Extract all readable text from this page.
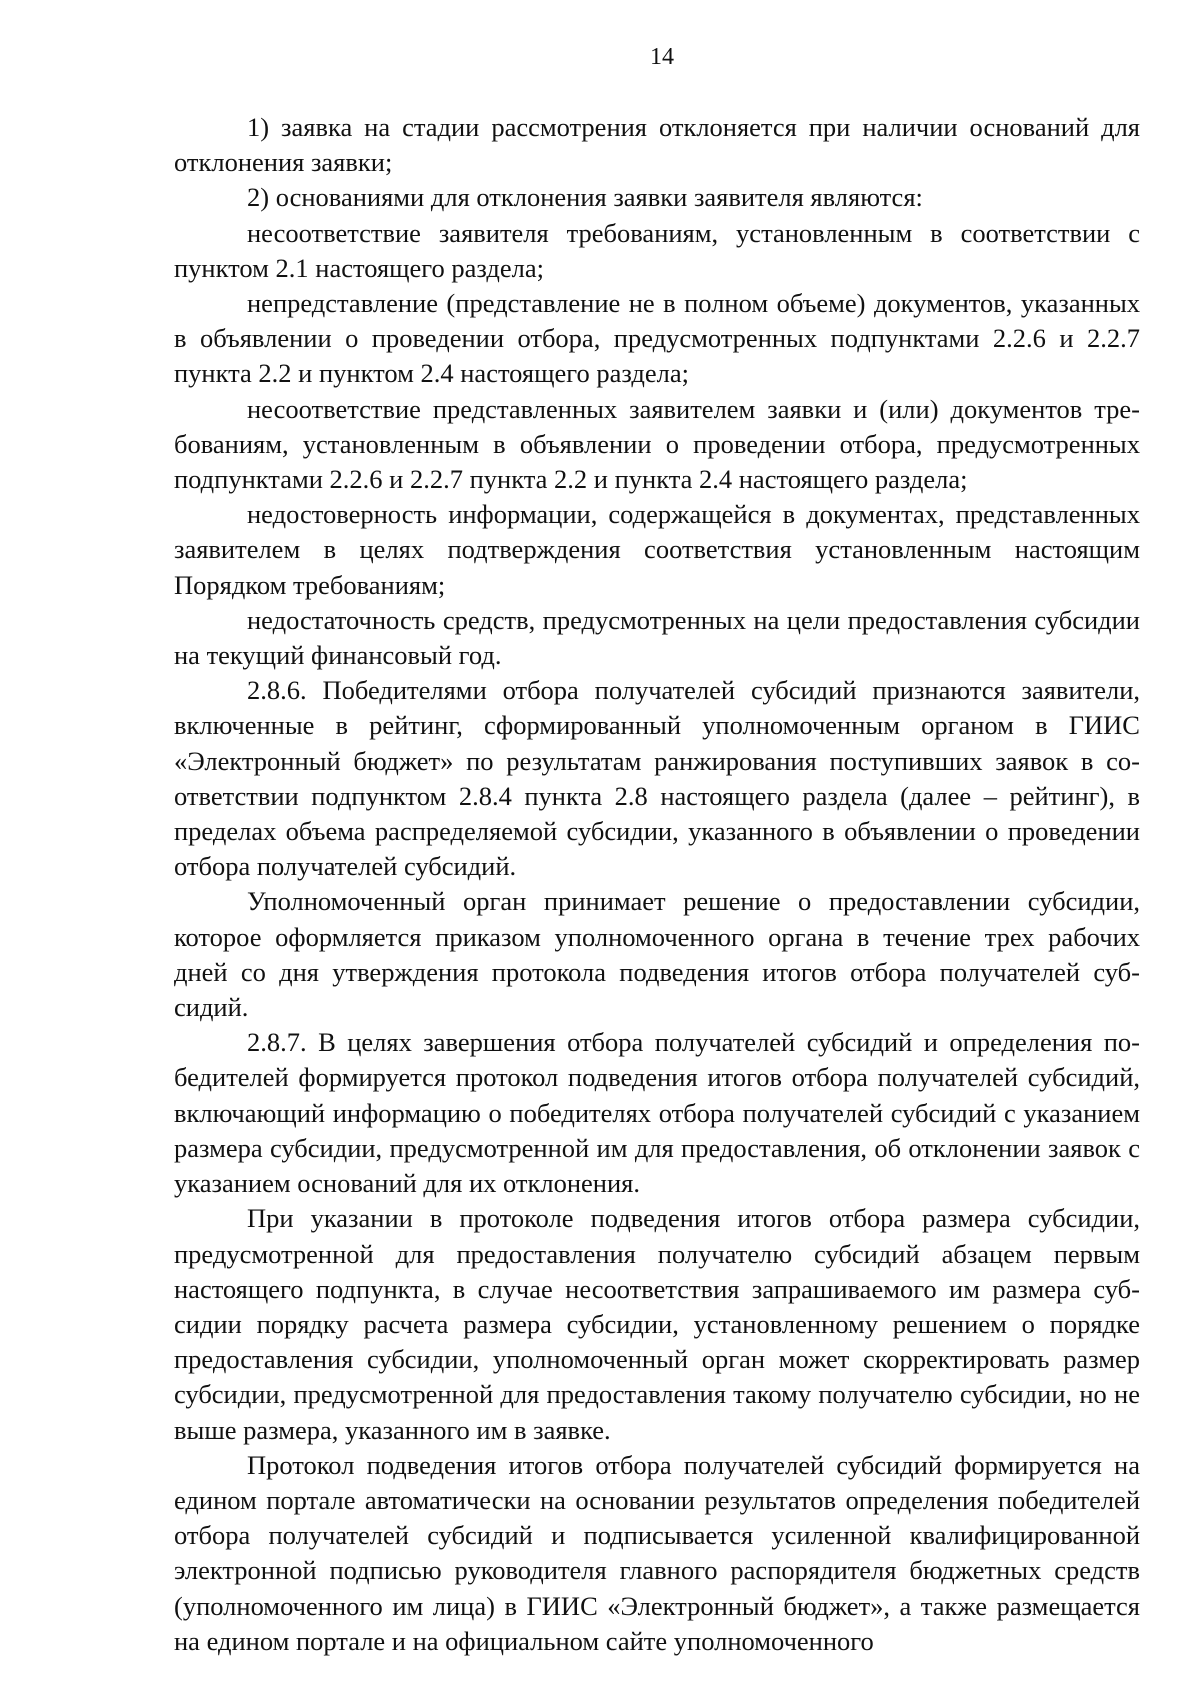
14

1) заявка на стадии рассмотрения отклоняется при наличии оснований для отклонения заявки;

2) основаниями для отклонения заявки заявителя являются:

несоответствие заявителя требованиям, установленным в соответствии с пунктом 2.1 настоящего раздела;

непредставление (представление не в полном объеме) документов, указанных в объявлении о проведении отбора, предусмотренных подпунктами 2.2.6 и 2.2.7 пункта 2.2 и пунктом 2.4 настоящего раздела;

несоответствие представленных заявителем заявки и (или) документов требованиям, установленным в объявлении о проведении отбора, предусмотренных подпунктами 2.2.6 и 2.2.7 пункта 2.2 и пункта 2.4 настоящего раздела;

недостоверность информации, содержащейся в документах, представленных заявителем в целях подтверждения соответствия установленным настоящим Порядком требованиям;

недостаточность средств, предусмотренных на цели предоставления субсидии на текущий финансовый год.

2.8.6. Победителями отбора получателей субсидий признаются заявители, включенные в рейтинг, сформированный уполномоченным органом в ГИИС «Электронный бюджет» по результатам ранжирования поступивших заявок в соответствии подпунктом 2.8.4 пункта 2.8 настоящего раздела (далее – рейтинг), в пределах объема распределяемой субсидии, указанного в объявлении о проведении отбора получателей субсидий.

Уполномоченный орган принимает решение о предоставлении субсидии, которое оформляется приказом уполномоченного органа в течение трех рабочих дней со дня утверждения протокола подведения итогов отбора получателей субсидий.

2.8.7. В целях завершения отбора получателей субсидий и определения победителей формируется протокол подведения итогов отбора получателей субсидий, включающий информацию о победителях отбора получателей субсидий с указанием размера субсидии, предусмотренной им для предоставления, об отклонении заявок с указанием оснований для их отклонения.

При указании в протоколе подведения итогов отбора размера субсидии, предусмотренной для предоставления получателю субсидий абзацем первым настоящего подпункта, в случае несоответствия запрашиваемого им размера субсидии порядку расчета размера субсидии, установленному решением о порядке предоставления субсидии, уполномоченный орган может скорректировать размер субсидии, предусмотренной для предоставления такому получателю субсидии, но не выше размера, указанного им в заявке.

Протокол подведения итогов отбора получателей субсидий формируется на едином портале автоматически на основании результатов определения победителей отбора получателей субсидий и подписывается усиленной квалифицированной электронной подписью руководителя главного распорядителя бюджетных средств (уполномоченного им лица) в ГИИС «Электронный бюджет», а также размещается на едином портале и на официальном сайте уполномоченного
